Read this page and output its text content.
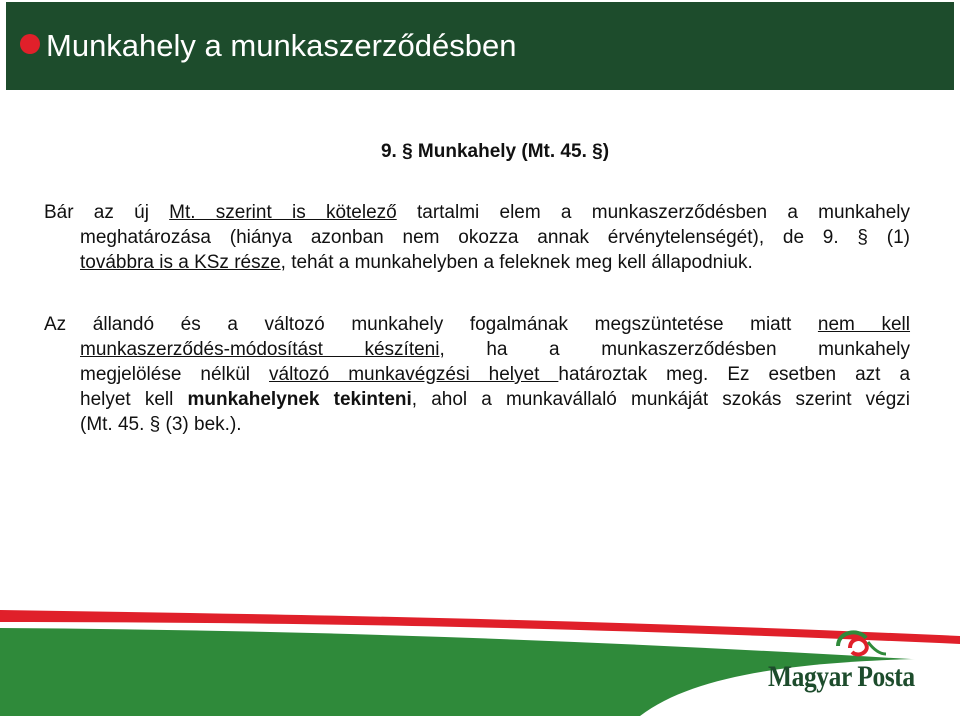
Munkahely a munkaszerződésben
9. § Munkahely (Mt. 45. §)
Bár az új Mt. szerint is kötelező tartalmi elem a munkaszerződésben a munkahely
meghatározása (hiánya azonban nem okozza annak érvénytelenségét), de 9. § (1)
továbbra is a KSz része, tehát a munkahelyben a feleknek meg kell állapodniuk.
Az állandó és a változó munkahely fogalmának megszüntetése miatt nem kell
munkaszerződés-módosítást készíteni, ha a munkaszerződésben munkahely
megjelölése nélkül változó munkavégzési helyet határoztak meg. Ez esetben azt a
helyet kell munkahelynek tekinteni, ahol a munkavállaló munkáját szokás szerint végzi
(Mt. 45. § (3) bek.).
Magyar Posta
